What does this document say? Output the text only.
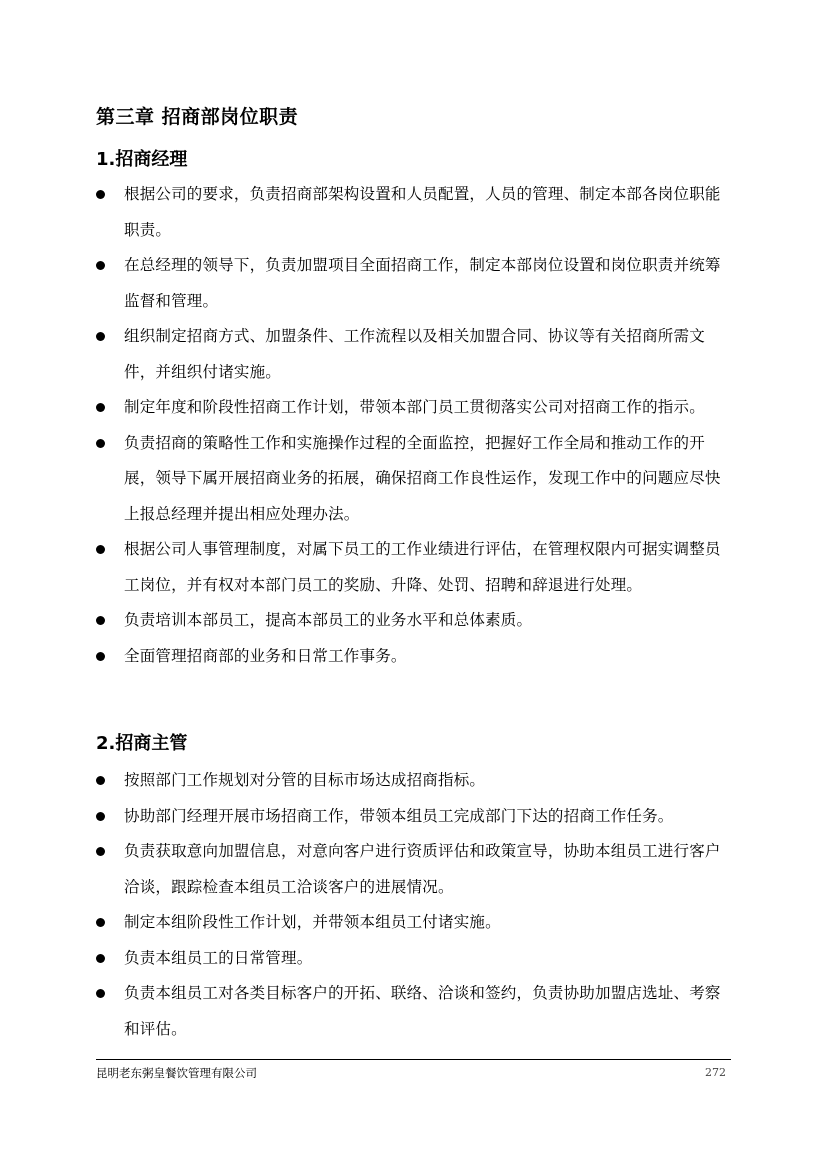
第三章 招商部岗位职责
1.招商经理
根据公司的要求，负责招商部架构设置和人员配置，人员的管理、制定本部各岗位职能职责。
在总经理的领导下，负责加盟项目全面招商工作，制定本部岗位设置和岗位职责并统筹监督和管理。
组织制定招商方式、加盟条件、工作流程以及相关加盟合同、协议等有关招商所需文件，并组织付诸实施。
制定年度和阶段性招商工作计划，带领本部门员工贯彻落实公司对招商工作的指示。
负责招商的策略性工作和实施操作过程的全面监控，把握好工作全局和推动工作的开展，领导下属开展招商业务的拓展，确保招商工作良性运作，发现工作中的问题应尽快上报总经理并提出相应处理办法。
根据公司人事管理制度，对属下员工的工作业绩进行评估，在管理权限内可据实调整员工岗位，并有权对本部门员工的奖励、升降、处罚、招聘和辞退进行处理。
负责培训本部员工，提高本部员工的业务水平和总体素质。
全面管理招商部的业务和日常工作事务。
2.招商主管
按照部门工作规划对分管的目标市场达成招商指标。
协助部门经理开展市场招商工作，带领本组员工完成部门下达的招商工作任务。
负责获取意向加盟信息，对意向客户进行资质评估和政策宣导，协助本组员工进行客户洽谈，跟踪检查本组员工洽谈客户的进展情况。
制定本组阶段性工作计划，并带领本组员工付诸实施。
负责本组员工的日常管理。
负责本组员工对各类目标客户的开拓、联络、洽谈和签约，负责协助加盟店选址、考察和评估。
昆明老东粥皇餐饮管理有限公司	272
